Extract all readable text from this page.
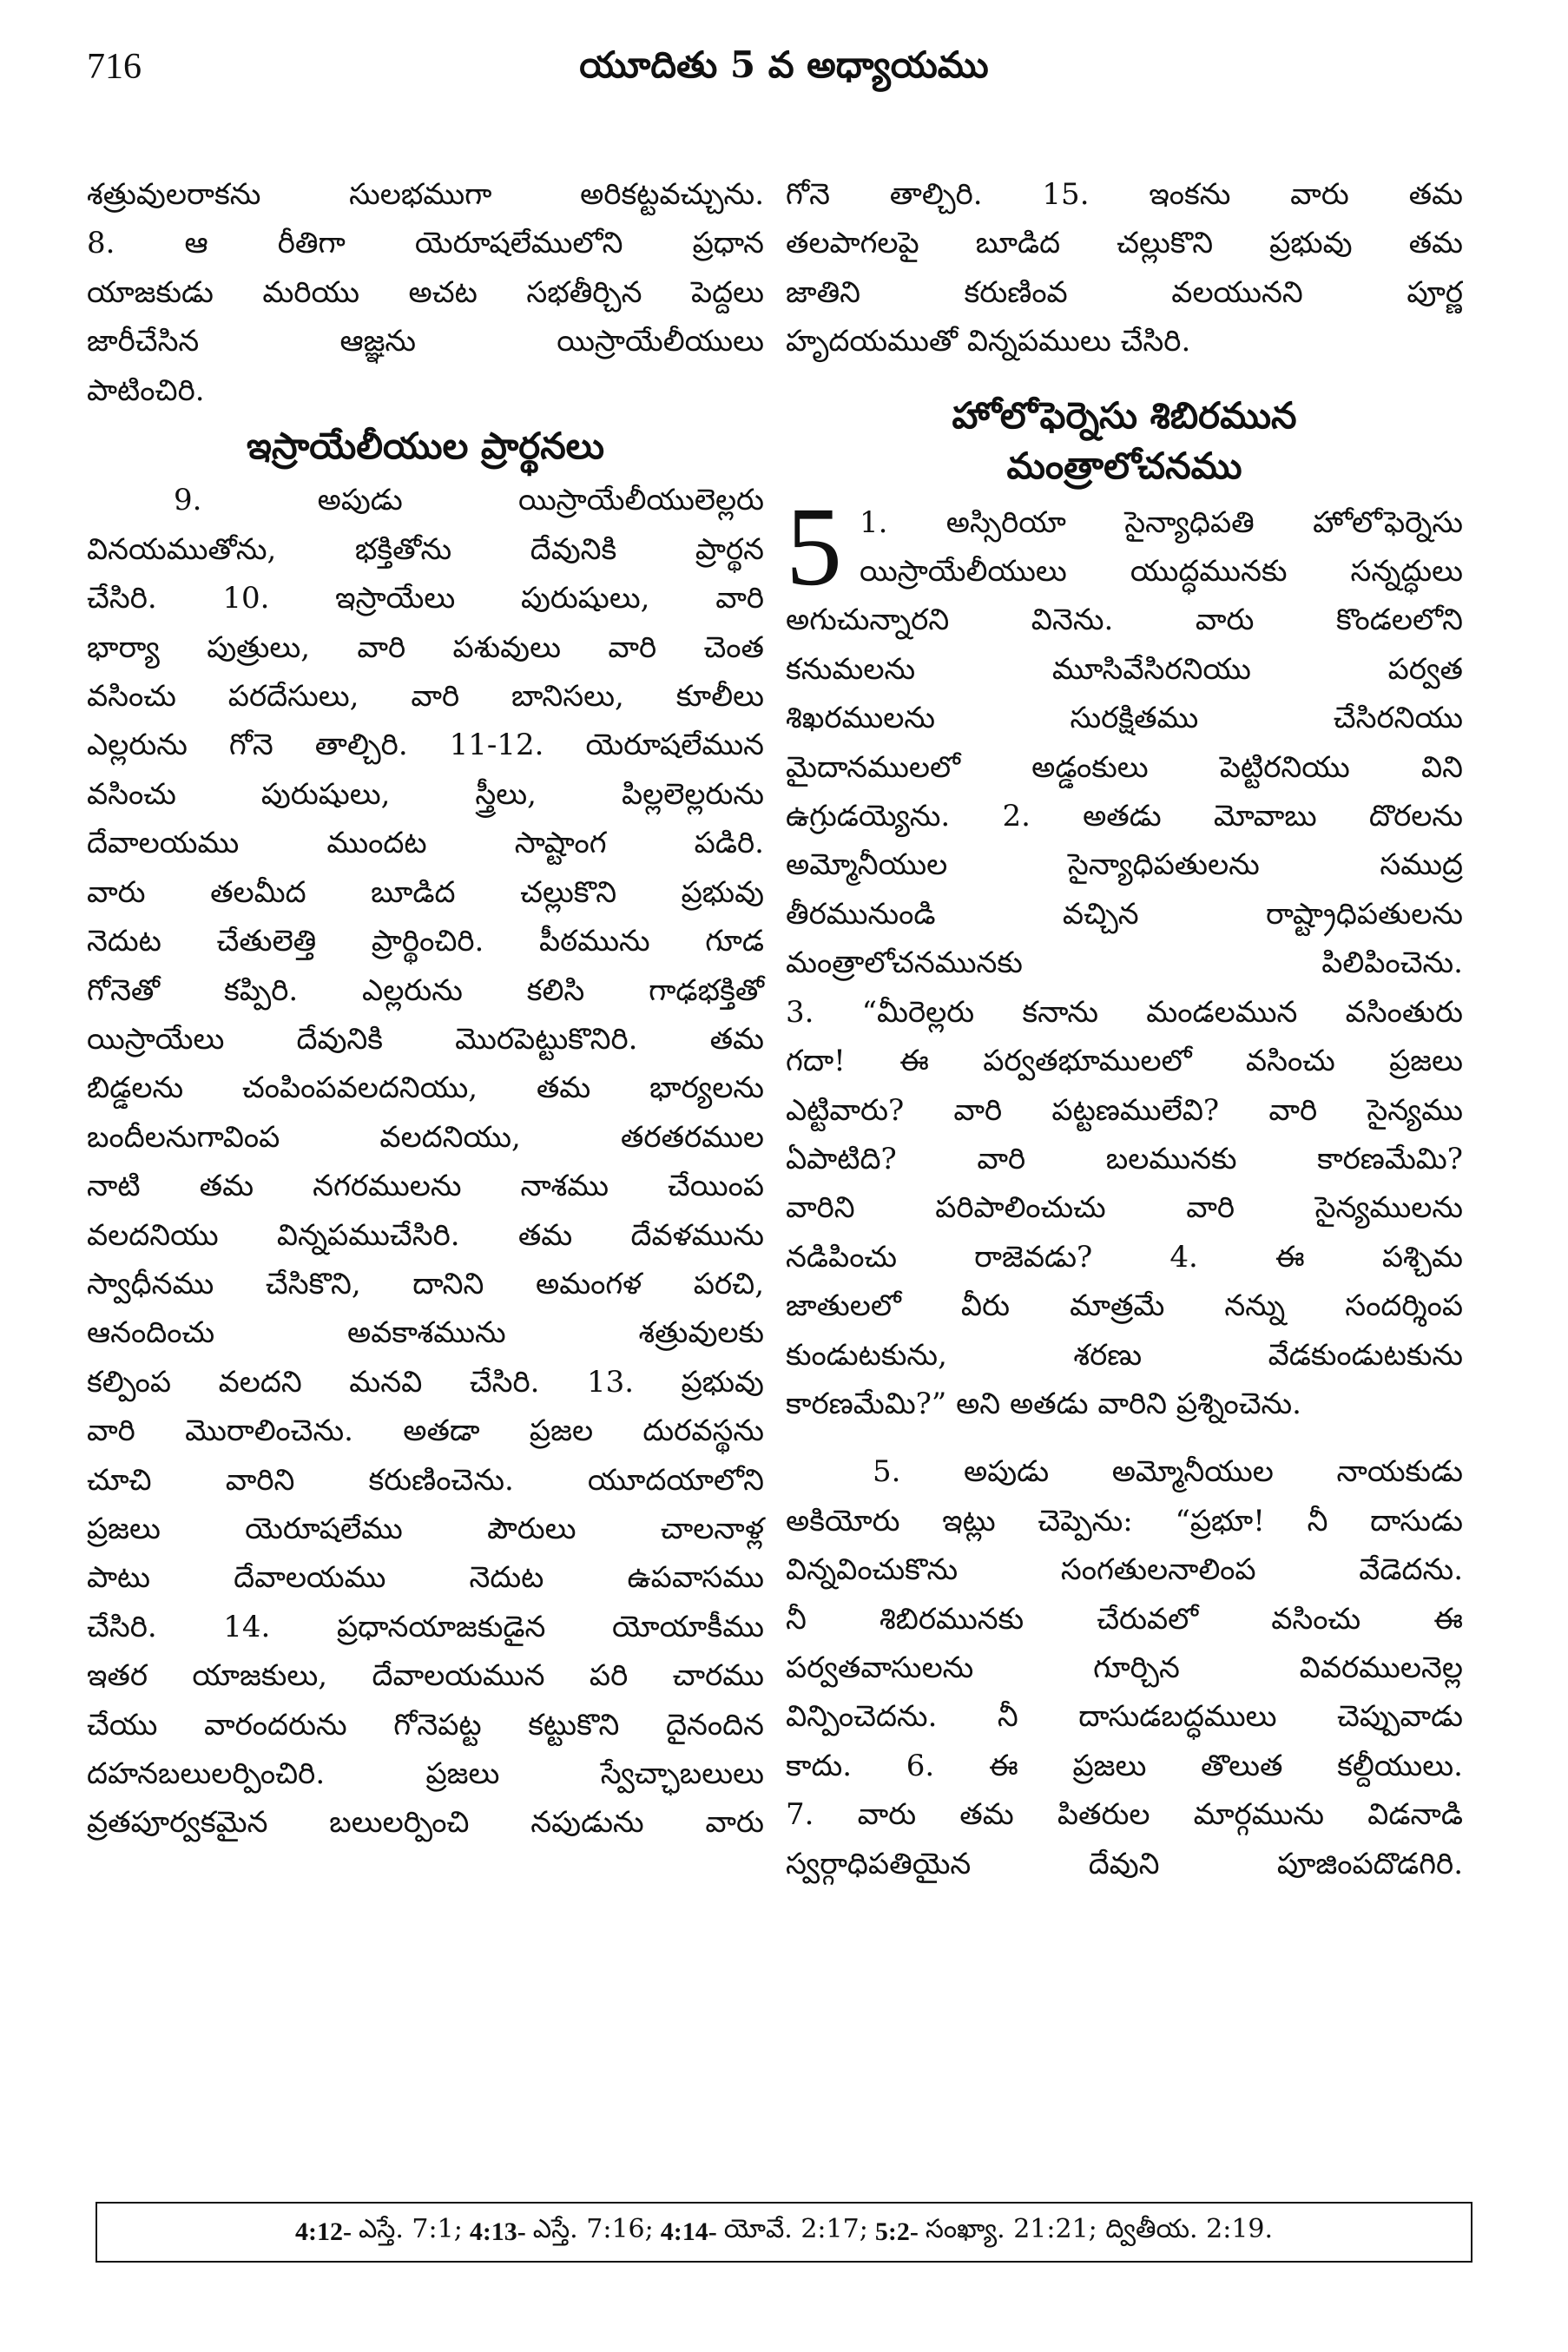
716	యూదితు 5 వ అధ్యాయము

శత్రువులరాకను సులభముగా అరికట్టవచ్చును.

8. ఆ రీతిగా యెరూషలేములోని ప్రధాన

యాజకుడు మరియు అచట సభతీర్చిన పెద్దలు

జారీచేసిన ఆజ్ఞను యిస్రాయేలీయులు

పాటించిరి.

ఇస్రాయేలీయుల ప్రార్థనలు

9. అపుడు యిస్రాయేలీయులెల్లరు

వినయముతోను, భక్తితోను దేవునికి ప్రార్థన

చేసిరి. 10. ఇస్రాయేలు పురుషులు, వారి

భార్యా పుత్రులు, వారి పశువులు వారి చెంత

వసించు పరదేసులు, వారి బానిసలు, కూలీలు

ఎల్లరును గోనె తాల్చిరి. 11-12. యెరూషలేమున

వసించు పురుషులు, స్త్రీలు, పిల్లలెల్లరును

దేవాలయము ముందట సాష్టాంగ పడిరి.

వారు తలమీద బూడిద చల్లుకొని ప్రభువు

నెదుట చేతులెత్తి ప్రార్థించిరి. పీఠమును గూడ

గోనెతో కప్పిరి. ఎల్లరును కలిసి గాఢభక్తితో

యిస్రాయేలు దేవునికి మొరపెట్టుకొనిరి. తమ

బిడ్డలను చంపింపవలదనియు, తమ భార్యలను

బందీలనుగావింప వలదనియు, తరతరముల

నాటి తమ నగరములను నాశము చేయింప

వలదనియు విన్నపముచేసిరి. తమ దేవళమును

స్వాధీనము చేసికొని, దానిని అమంగళ పరచి,

ఆనందించు అవకాశమును శత్రువులకు

కల్పింప వలదని మనవి చేసిరి. 13. ప్రభువు

వారి మొరాలించెను. అతడా ప్రజల దురవస్థను

చూచి వారిని కరుణించెను. యూదయాలోని

ప్రజలు యెరూషలేము పౌరులు చాలనాళ్ల

పాటు దేవాలయము నెదుట ఉపవాసము

చేసిరి. 14. ప్రధానయాజకుడైన యోయాకీము

ఇతర యాజకులు, దేవాలయమున పరి చారము

చేయు వారందరును గోనెపట్ట కట్టుకొని దైనందిన

దహనబలులర్పించిరి. ప్రజలు స్వేచ్ఛాబలులు

వ్రతపూర్వకమైన బలులర్పించి నపుడును వారు

గోనె తాల్చిరి. 15. ఇంకను వారు తమ

తలపాగలపై బూడిద చల్లుకొని ప్రభువు తమ

జాతిని కరుణింవ వలయునని పూర్ణ

హృదయముతో విన్నపములు చేసిరి.

హోలోఫెర్నెసు శిబిరమున
మంత్రాలోచనము
5 1. అస్సిరియా సైన్యాధిపతి హోలోఫెర్నెసు

యిస్రాయేలీయులు యుద్ధమునకు సన్నద్ధులు

అగుచున్నారని వినెను. వారు కొండలలోని

కనుమలను మూసివేసిరనియు పర్వత

శిఖరములను సురక్షితము చేసిరనియు

మైదానములలో అడ్డంకులు పెట్టిరనియు విని

ఉగ్రుడయ్యెను. 2. అతడు మోవాబు దొరలను

అమ్మోనీయుల సైన్యాధిపతులను సముద్ర

తీరమునుండి వచ్చిన రాష్ట్రాధిపతులను

మంత్రాలోచనమునకు పిలిపించెను.

3. “మీరెల్లరు కనాను మండలమున వసింతురు

గదా! ఈ పర్వతభూములలో వసించు ప్రజలు

ఎట్టివారు? వారి పట్టణములేవి? వారి సైన్యము

ఏపాటిది? వారి బలమునకు కారణమేమి?

వారిని పరిపాలించుచు వారి సైన్యములను

నడిపించు రాజెవడు? 4. ఈ పశ్చిమ

జాతులలో వీరు మాత్రమే నన్ను సందర్శింప

కుండుటకును, శరణు వేడకుండుటకును

కారణమేమి?” అని అతడు వారిని ప్రశ్నించెను.

5. అపుడు అమ్మోనీయుల నాయకుడు

అకియోరు ఇట్లు చెప్పెను: “ప్రభూ! నీ దాసుడు

విన్నవించుకొను సంగతులనాలింప వేడెదను.

నీ శిబిరమునకు చేరువలో వసించు ఈ

పర్వతవాసులను గూర్చిన వివరములనెల్ల

విన్పించెదను. నీ దాసుడబద్ధములు చెప్పువాడు

కాదు. 6. ఈ ప్రజలు తొలుత కల్దీయులు.

7. వారు తమ పితరుల మార్గమును విడనాడి

స్వర్గాధిపతియైన దేవుని పూజింపదొడగిరి.

4:12- ఎస్తే. 7:1; 4:13- ఎస్తే. 7:16; 4:14- యోవే. 2:17; 5:2- సంఖ్యా. 21:21; ద్వితీయ. 2:19.
